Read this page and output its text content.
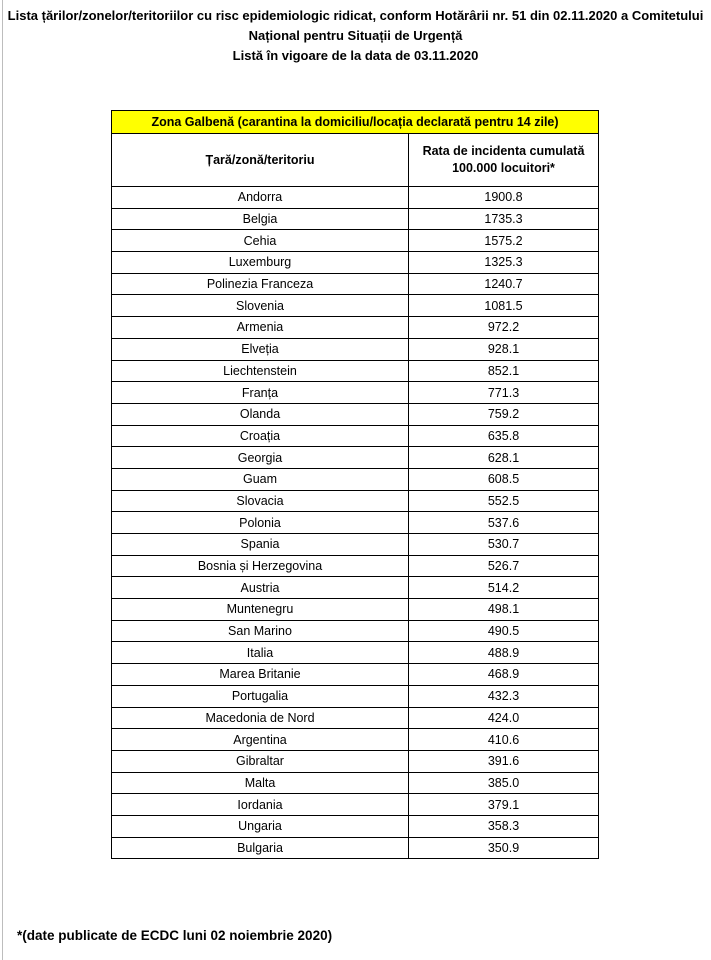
Lista țărilor/zonelor/teritoriilor cu risc epidemiologic ridicat, conform Hotărârii nr. 51 din 02.11.2020 a Comitetului
Național pentru Situații de Urgență
Listă în vigoare de la data de 03.11.2020
Zona Galbenă (carantina la domiciliu/locația declarată pentru 14 zile)	
Țară/zonă/teritoriu	Rata de incidenta cumulată
100.000 locuitori*
Andorra	1900.8
Belgia	1735.3
Cehia	1575.2
Luxemburg	1325.3
Polinezia Franceza	1240.7
Slovenia	1081.5
Armenia	972.2
Elveția	928.1
Liechtenstein	852.1
Franța	771.3
Olanda	759.2
Croația	635.8
Georgia	628.1
Guam	608.5
Slovacia	552.5
Polonia	537.6
Spania	530.7
Bosnia și Herzegovina	526.7
Austria	514.2
Muntenegru	498.1
San Marino	490.5
Italia	488.9
Marea Britanie	468.9
Portugalia	432.3
Macedonia de Nord	424.0
Argentina	410.6
Gibraltar	391.6
Malta	385.0
Iordania	379.1
Ungaria	358.3
Bulgaria	350.9
*(date publicate de ECDC luni 02 noiembrie 2020)
